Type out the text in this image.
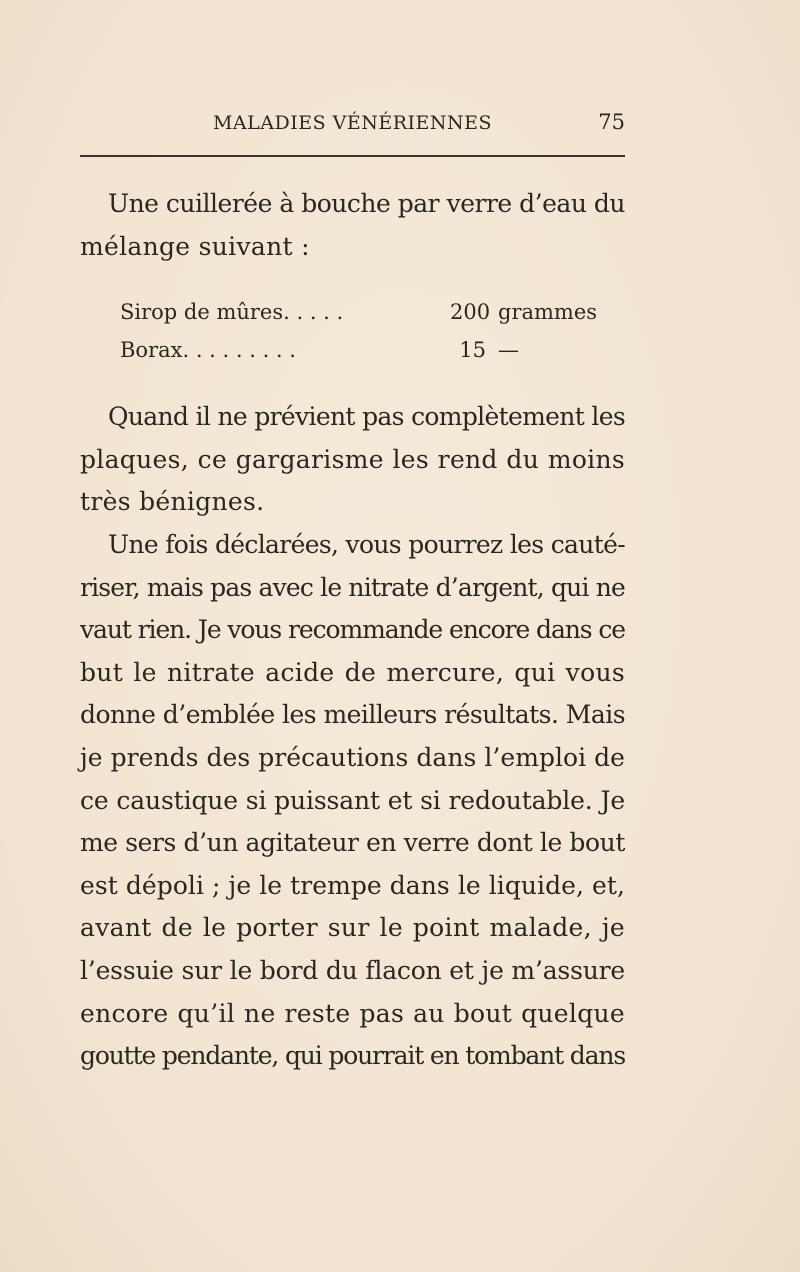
MALADIES VÉNÉRIENNES	75
Une cuillerée à bouche par verre d’eau du
mélange suivant :
Sirop de mûres. . . . .	200 grammes
Borax. . . . . . . . .	15 —
Quand il ne prévient pas complètement les
plaques, ce gargarisme les rend du moins
très bénignes.
Une fois déclarées, vous pourrez les cauté-
riser, mais pas avec le nitrate d’argent, qui ne
vaut rien. Je vous recommande encore dans ce
but le nitrate acide de mercure, qui vous
donne d’emblée les meilleurs résultats. Mais
je prends des précautions dans l’emploi de
ce caustique si puissant et si redoutable. Je
me sers d’un agitateur en verre dont le bout
est dépoli ; je le trempe dans le liquide, et,
avant de le porter sur le point malade, je
l’essuie sur le bord du flacon et je m’assure
encore qu’il ne reste pas au bout quelque
goutte pendante, qui pourrait en tombant dans
